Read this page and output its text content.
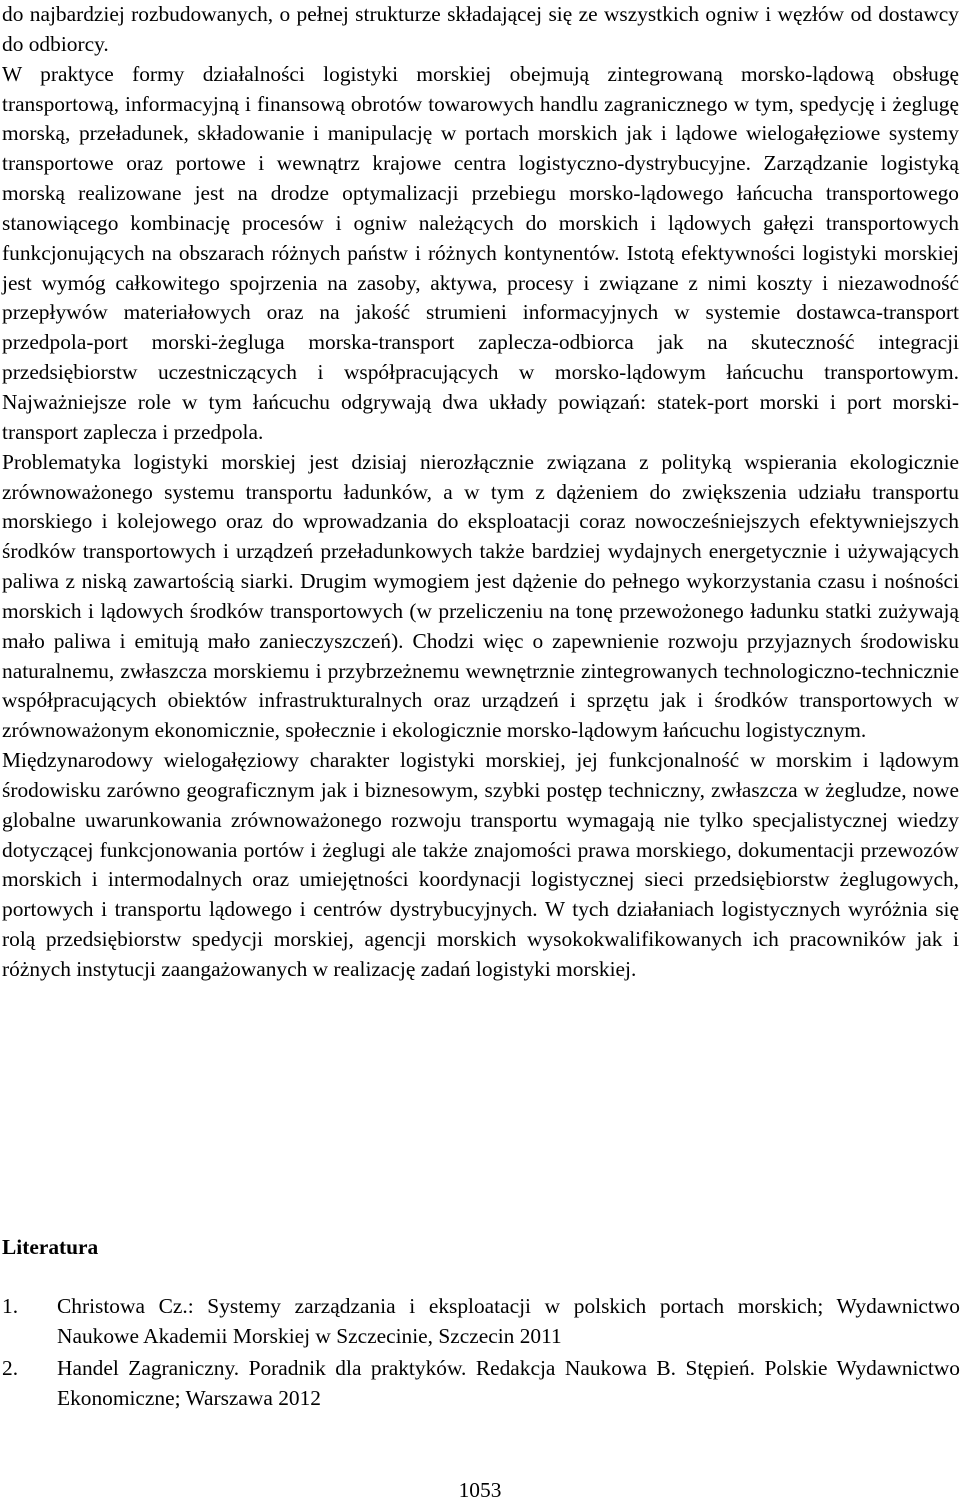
do najbardziej rozbudowanych, o pełnej strukturze składającej się ze wszystkich ogniw i węzłów od dostawcy do odbiorcy.

W praktyce formy działalności logistyki morskiej obejmują zintegrowaną morsko-lądową obsługę transportową, informacyjną i finansową obrotów towarowych handlu zagranicznego w tym, spedycję i żeglugę morską, przeładunek, składowanie i manipulację w portach morskich jak i lądowe wielogałęziowe systemy transportowe oraz portowe i wewnątrz krajowe centra logistyczno-dystrybucyjne. Zarządzanie logistyką morską realizowane jest na drodze optymalizacji przebiegu morsko-lądowego łańcucha transportowego stanowiącego kombinację procesów i ogniw należących do morskich i lądowych gałęzi transportowych funkcjonujących na obszarach różnych państw i różnych kontynentów. Istotą efektywności logistyki morskiej jest wymóg całkowitego spojrzenia na zasoby, aktywa, procesy i związane z nimi koszty i niezawodność przepływów materiałowych oraz na jakość strumieni informacyjnych w systemie dostawca-transport przedpola-port morski-żegluga morska-transport zaplecza-odbiorca jak na skuteczność integracji przedsiębiorstw uczestniczących i współpracujących w morsko-lądowym łańcuchu transportowym. Najważniejsze role w tym łańcuchu odgrywają dwa układy powiązań: statek-port morski i port morski-transport zaplecza i przedpola.

Problematyka logistyki morskiej jest dzisiaj nierozłącznie związana z polityką wspierania ekologicznie zrównoważonego systemu transportu ładunków, a w tym z dążeniem do zwiększenia udziału transportu morskiego i kolejowego oraz do wprowadzania do eksploatacji coraz nowocześniejszych efektywniejszych środków transportowych i urządzeń przeładunkowych także bardziej wydajnych energetycznie i używających paliwa z niską zawartością siarki. Drugim wymogiem jest dążenie do pełnego wykorzystania czasu i nośności morskich i lądowych środków transportowych (w przeliczeniu na tonę przewożonego ładunku statki zużywają mało paliwa i emitują mało zanieczyszczeń). Chodzi więc o zapewnienie rozwoju przyjaznych środowisku naturalnemu, zwłaszcza morskiemu i przybrzeżnemu wewnętrznie zintegrowanych technologiczno-technicznie współpracujących obiektów infrastrukturalnych oraz urządzeń i sprzętu jak i środków transportowych w zrównoważonym ekonomicznie, społecznie i ekologicznie morsko-lądowym łańcuchu logistycznym.

Międzynarodowy wielogałęziowy charakter logistyki morskiej, jej funkcjonalność w morskim i lądowym środowisku zarówno geograficznym jak i biznesowym, szybki postęp techniczny, zwłaszcza w żegludze, nowe globalne uwarunkowania zrównoważonego rozwoju transportu wymagają nie tylko specjalistycznej wiedzy dotyczącej funkcjonowania portów i żeglugi ale także znajomości prawa morskiego, dokumentacji przewozów morskich i intermodalnych oraz umiejętności koordynacji logistycznej sieci przedsiębiorstw żeglugowych, portowych i transportu lądowego i centrów dystrybucyjnych. W tych działaniach logistycznych wyróżnia się rolą przedsiębiorstw spedycji morskiej, agencji morskich wysokokwalifikowanych ich pracowników jak i różnych instytucji zaangażowanych w realizację zadań logistyki morskiej.

Literatura
1. Christowa Cz.: Systemy zarządzania i eksploatacji w polskich portach morskich; Wydawnictwo Naukowe Akademii Morskiej w Szczecinie, Szczecin 2011
2. Handel Zagraniczny. Poradnik dla praktyków. Redakcja Naukowa B. Stępień. Polskie Wydawnictwo Ekonomiczne; Warszawa 2012
1053
